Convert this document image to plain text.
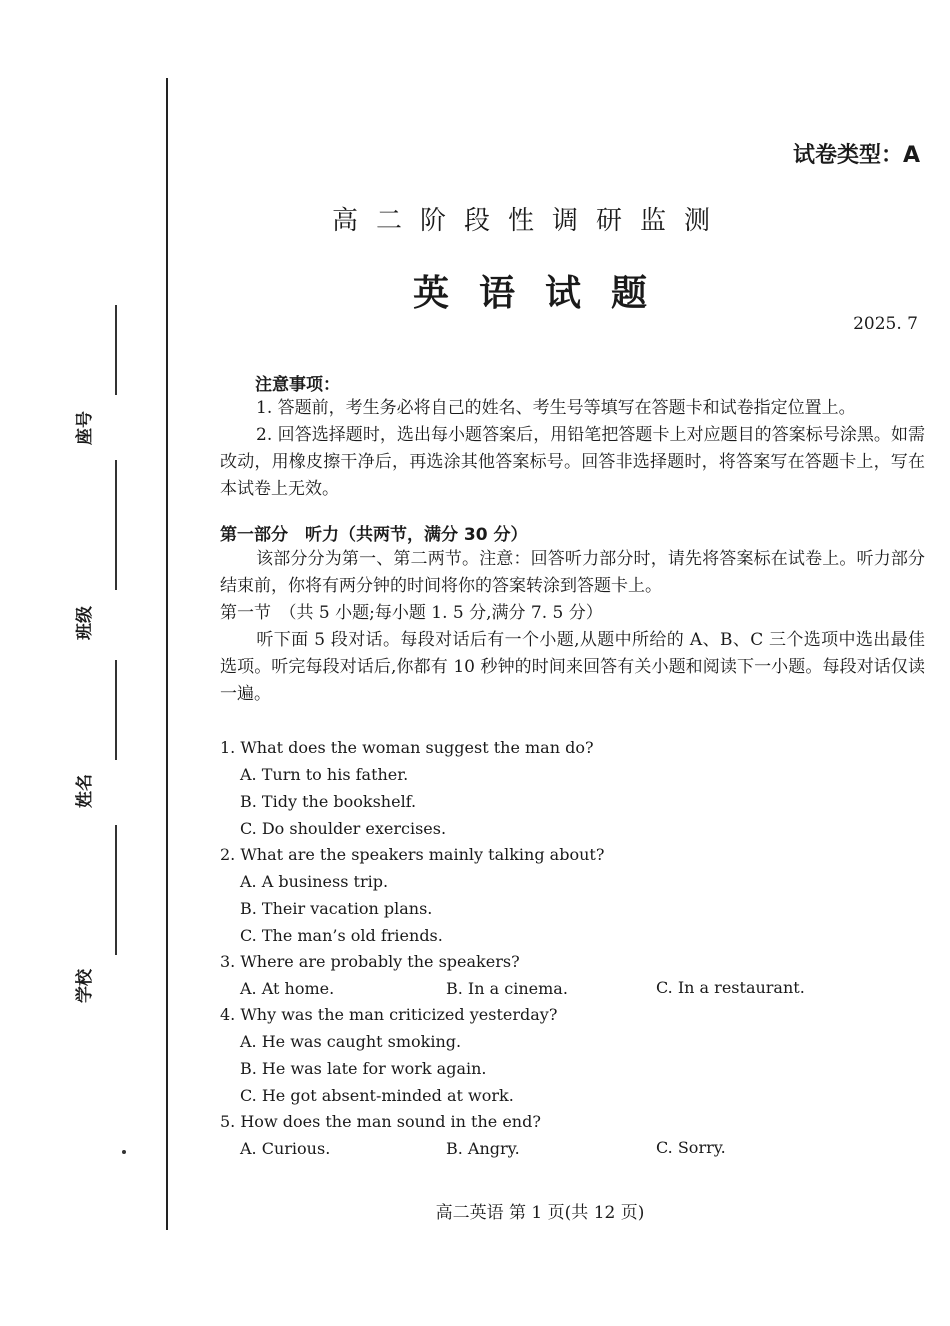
座号
班级
姓名
学校
试卷类型：A
高二阶段性调研监测
英语试题
2025. 7
注意事项：
1. 答题前，考生务必将自己的姓名、考生号等填写在答题卡和试卷指定位置上。
2. 回答选择题时，选出每小题答案后，用铅笔把答题卡上对应题目的答案标号涂黑。如需改动，用橡皮擦干净后，再选涂其他答案标号。回答非选择题时，将答案写在答题卡上，写在本试卷上无效。
第一部分　听力（共两节，满分 30 分）
该部分分为第一、第二两节。注意：回答听力部分时，请先将答案标在试卷上。听力部分结束前，你将有两分钟的时间将你的答案转涂到答题卡上。
第一节　（共 5 小题;每小题 1. 5 分,满分 7. 5 分）
听下面 5 段对话。每段对话后有一个小题,从题中所给的 A、B、C 三个选项中选出最佳选项。听完每段对话后,你都有 10 秒钟的时间来回答有关小题和阅读下一小题。每段对话仅读一遍。
1. What does the woman suggest the man do?
A. Turn to his father.
B. Tidy the bookshelf.
C. Do shoulder exercises.
2. What are the speakers mainly talking about?
A. A business trip.
B. Their vacation plans.
C. The man’s old friends.
3. Where are probably the speakers?
A. At home.	B. In a cinema.	C. In a restaurant.
4. Why was the man criticized yesterday?
A. He was caught smoking.
B. He was late for work again.
C. He got absent-minded at work.
5. How does the man sound in the end?
A. Curious.	B. Angry.	C. Sorry.
高二英语 第 1 页(共 12 页)
